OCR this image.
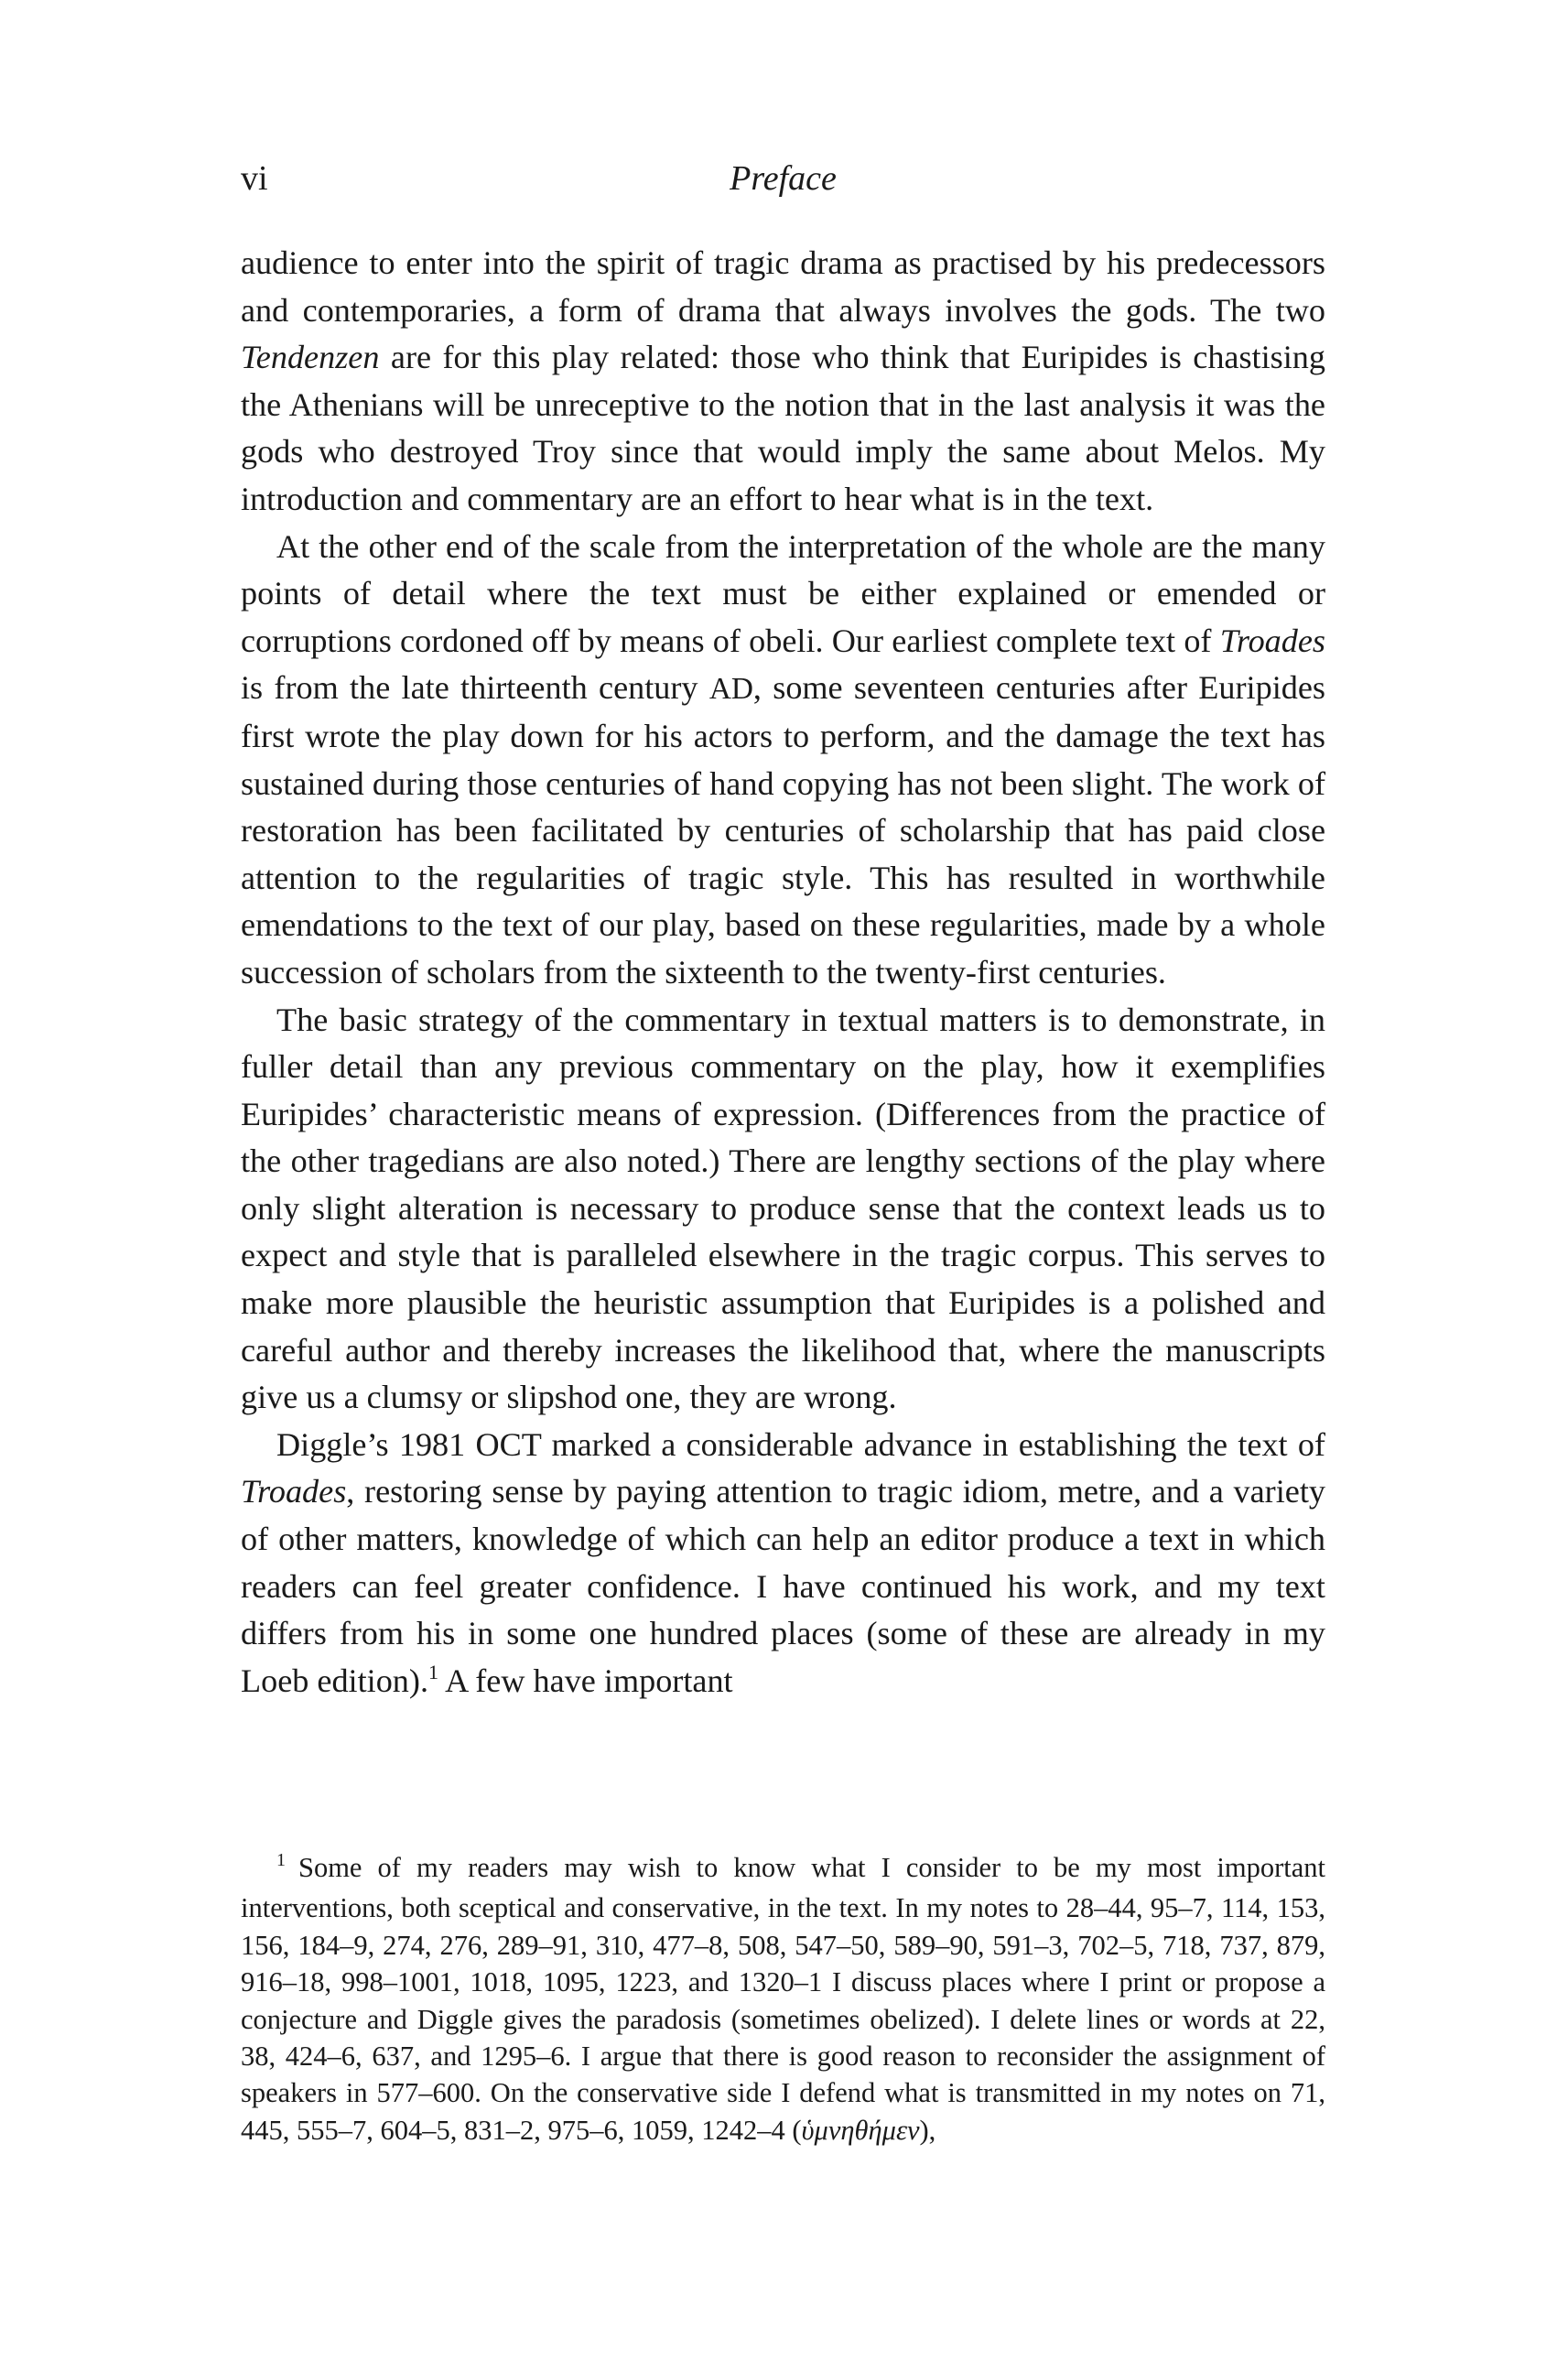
vi	Preface

audience to enter into the spirit of tragic drama as practised by his predecessors and contemporaries, a form of drama that always involves the gods. The two Tendenzen are for this play related: those who think that Euripides is chastising the Athenians will be unreceptive to the notion that in the last analysis it was the gods who destroyed Troy since that would imply the same about Melos. My introduction and commentary are an effort to hear what is in the text.

At the other end of the scale from the interpretation of the whole are the many points of detail where the text must be either explained or emended or corruptions cordoned off by means of obeli. Our earliest complete text of Troades is from the late thirteenth century AD, some seventeen centuries after Euripides first wrote the play down for his actors to perform, and the damage the text has sustained during those centuries of hand copying has not been slight. The work of restoration has been facilitated by centuries of scholarship that has paid close attention to the regularities of tragic style. This has resulted in worthwhile emendations to the text of our play, based on these regularities, made by a whole succession of scholars from the sixteenth to the twenty-first centuries.

The basic strategy of the commentary in textual matters is to demonstrate, in fuller detail than any previous commentary on the play, how it exemplifies Euripides’ characteristic means of expression. (Differences from the practice of the other tragedians are also noted.) There are lengthy sections of the play where only slight alteration is necessary to produce sense that the context leads us to expect and style that is paralleled elsewhere in the tragic corpus. This serves to make more plausible the heuristic assumption that Euripides is a polished and careful author and thereby increases the likelihood that, where the manuscripts give us a clumsy or slipshod one, they are wrong.

Diggle’s 1981 OCT marked a considerable advance in establishing the text of Troades, restoring sense by paying attention to tragic idiom, metre, and a variety of other matters, knowledge of which can help an editor produce a text in which readers can feel greater confidence. I have continued his work, and my text differs from his in some one hundred places (some of these are already in my Loeb edition).$^1$ A few have important

$^1$ Some of my readers may wish to know what I consider to be my most important interventions, both sceptical and conservative, in the text. In my notes to 28–44, 95–7, 114, 153, 156, 184–9, 274, 276, 289–91, 310, 477–8, 508, 547–50, 589–90, 591–3, 702–5, 718, 737, 879, 916–18, 998–1001, 1018, 1095, 1223, and 1320–1 I discuss places where I print or propose a conjecture and Diggle gives the paradosis (sometimes obelized). I delete lines or words at 22, 38, 424–6, 637, and 1295–6. I argue that there is good reason to reconsider the assignment of speakers in 577–600. On the conservative side I defend what is transmitted in my notes on 71, 445, 555–7, 604–5, 831–2, 975–6, 1059, 1242–4 (ὑμνηθήμεν),
